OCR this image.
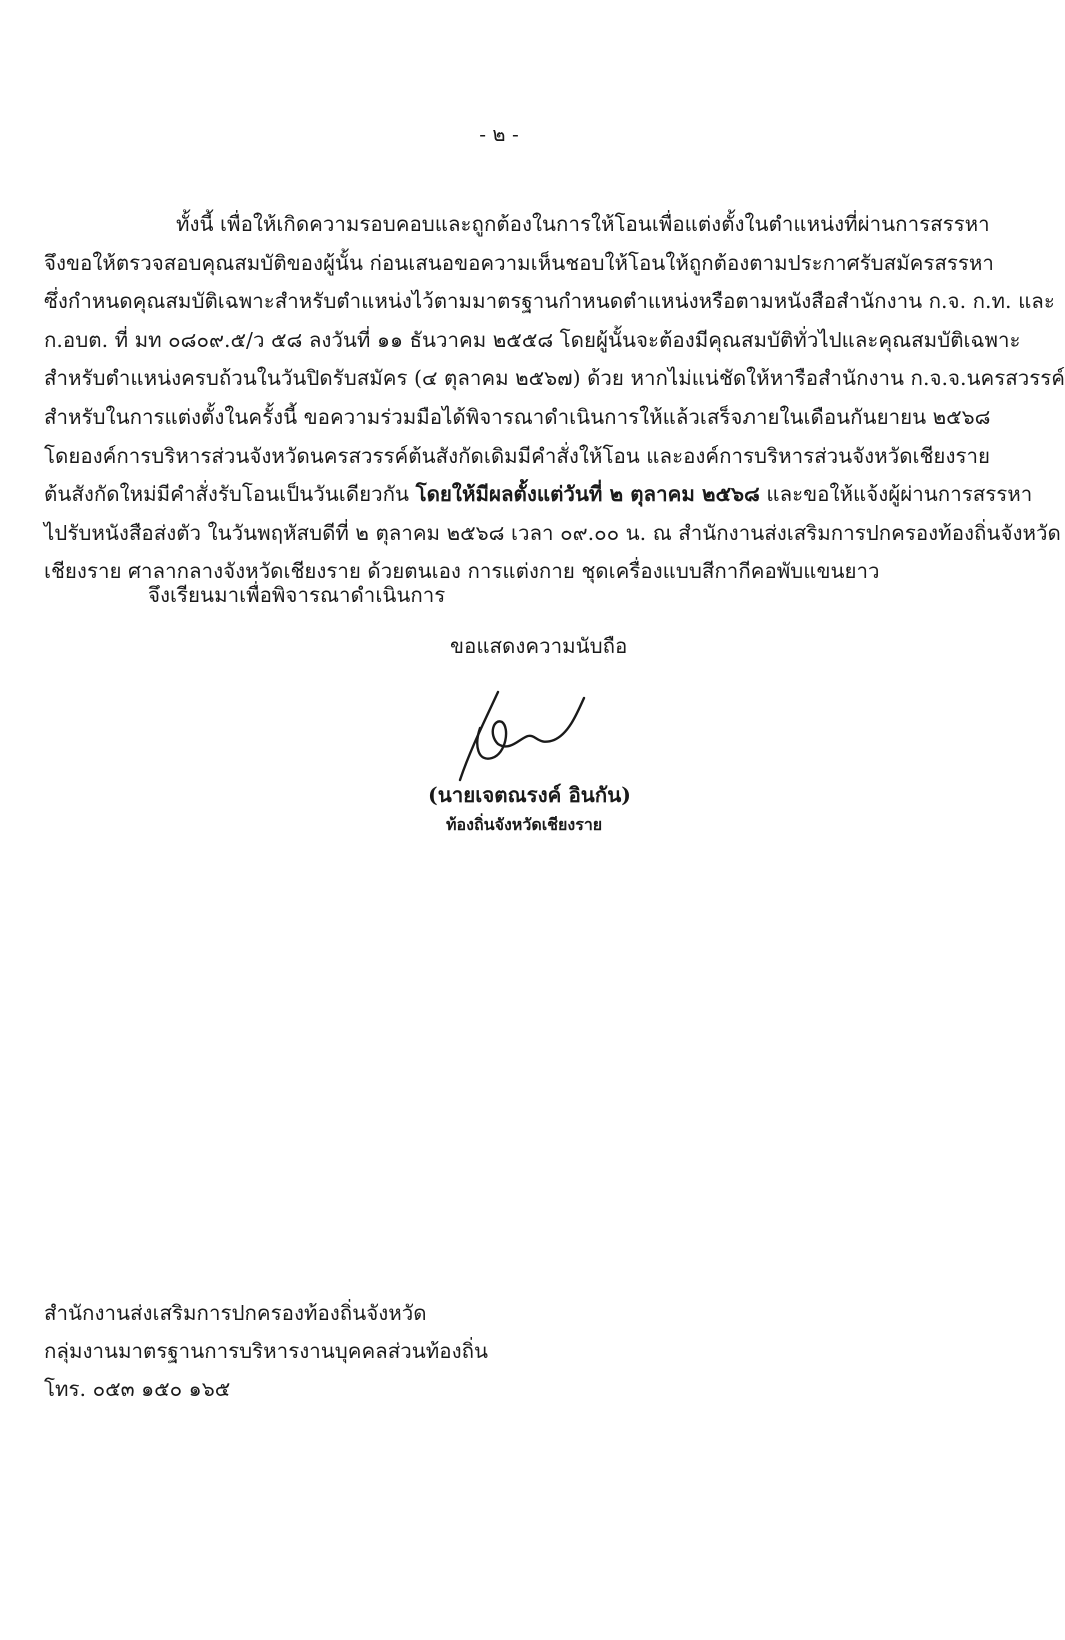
- ๒ -
ทั้งนี้ เพื่อให้เกิดความรอบคอบและถูกต้องในการให้โอนเพื่อแต่งตั้งในตำแหน่งที่ผ่านการสรรหา
จึงขอให้ตรวจสอบคุณสมบัติของผู้นั้น ก่อนเสนอขอความเห็นชอบให้โอนให้ถูกต้องตามประกาศรับสมัครสรรหา
ซึ่งกำหนดคุณสมบัติเฉพาะสำหรับตำแหน่งไว้ตามมาตรฐานกำหนดตำแหน่งหรือตามหนังสือสำนักงาน ก.จ. ก.ท. และ
ก.อบต. ที่ มท ๐๘๐๙.๕/ว ๕๘ ลงวันที่ ๑๑ ธันวาคม ๒๕๕๘ โดยผู้นั้นจะต้องมีคุณสมบัติทั่วไปและคุณสมบัติเฉพาะ
สำหรับตำแหน่งครบถ้วนในวันปิดรับสมัคร (๔ ตุลาคม ๒๕๖๗) ด้วย หากไม่แน่ชัดให้หารือสำนักงาน ก.จ.จ.นครสวรรค์
สำหรับในการแต่งตั้งในครั้งนี้ ขอความร่วมมือได้พิจารณาดำเนินการให้แล้วเสร็จภายในเดือนกันยายน ๒๕๖๘
โดยองค์การบริหารส่วนจังหวัดนครสวรรค์ต้นสังกัดเดิมมีคำสั่งให้โอน และองค์การบริหารส่วนจังหวัดเชียงราย
ต้นสังกัดใหม่มีคำสั่งรับโอนเป็นวันเดียวกัน โดยให้มีผลตั้งแต่วันที่ ๒ ตุลาคม ๒๕๖๘ และขอให้แจ้งผู้ผ่านการสรรหา
ไปรับหนังสือส่งตัว ในวันพฤหัสบดีที่ ๒ ตุลาคม ๒๕๖๘ เวลา ๐๙.๐๐ น. ณ สำนักงานส่งเสริมการปกครองท้องถิ่นจังหวัด
เชียงราย ศาลากลางจังหวัดเชียงราย ด้วยตนเอง การแต่งกาย ชุดเครื่องแบบสีกากีคอพับแขนยาว
จึงเรียนมาเพื่อพิจารณาดำเนินการ
ขอแสดงความนับถือ
(นายเจตณรงค์ อินกัน)
ท้องถิ่นจังหวัดเชียงราย
สำนักงานส่งเสริมการปกครองท้องถิ่นจังหวัด
กลุ่มงานมาตรฐานการบริหารงานบุคคลส่วนท้องถิ่น
โทร. ๐๕๓ ๑๕๐ ๑๖๕
